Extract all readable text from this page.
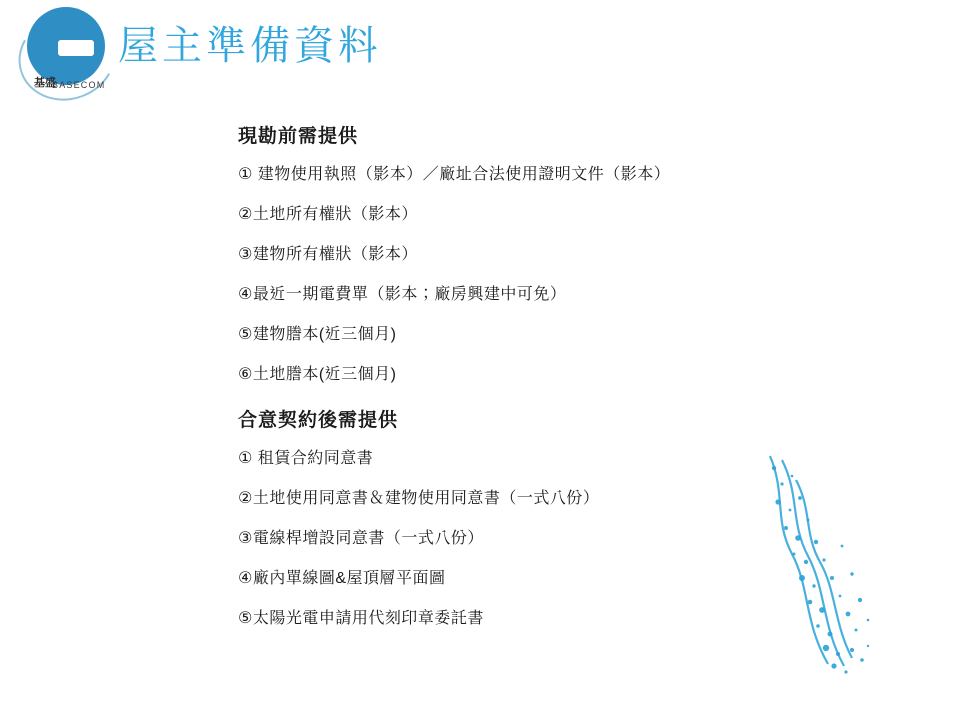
基盛
BASECOM
屋主準備資料
現勘前需提供
① 建物使用執照（影本）／廠址合法使用證明文件（影本）
②土地所有權狀（影本）
③建物所有權狀（影本）
④最近一期電費單（影本；廠房興建中可免）
⑤建物謄本(近三個月)
⑥土地謄本(近三個月)
合意契約後需提供
① 租賃合約同意書
②土地使用同意書＆建物使用同意書（一式八份）
③電線桿增設同意書（一式八份）
④廠內單線圖&屋頂層平面圖
⑤太陽光電申請用代刻印章委託書
